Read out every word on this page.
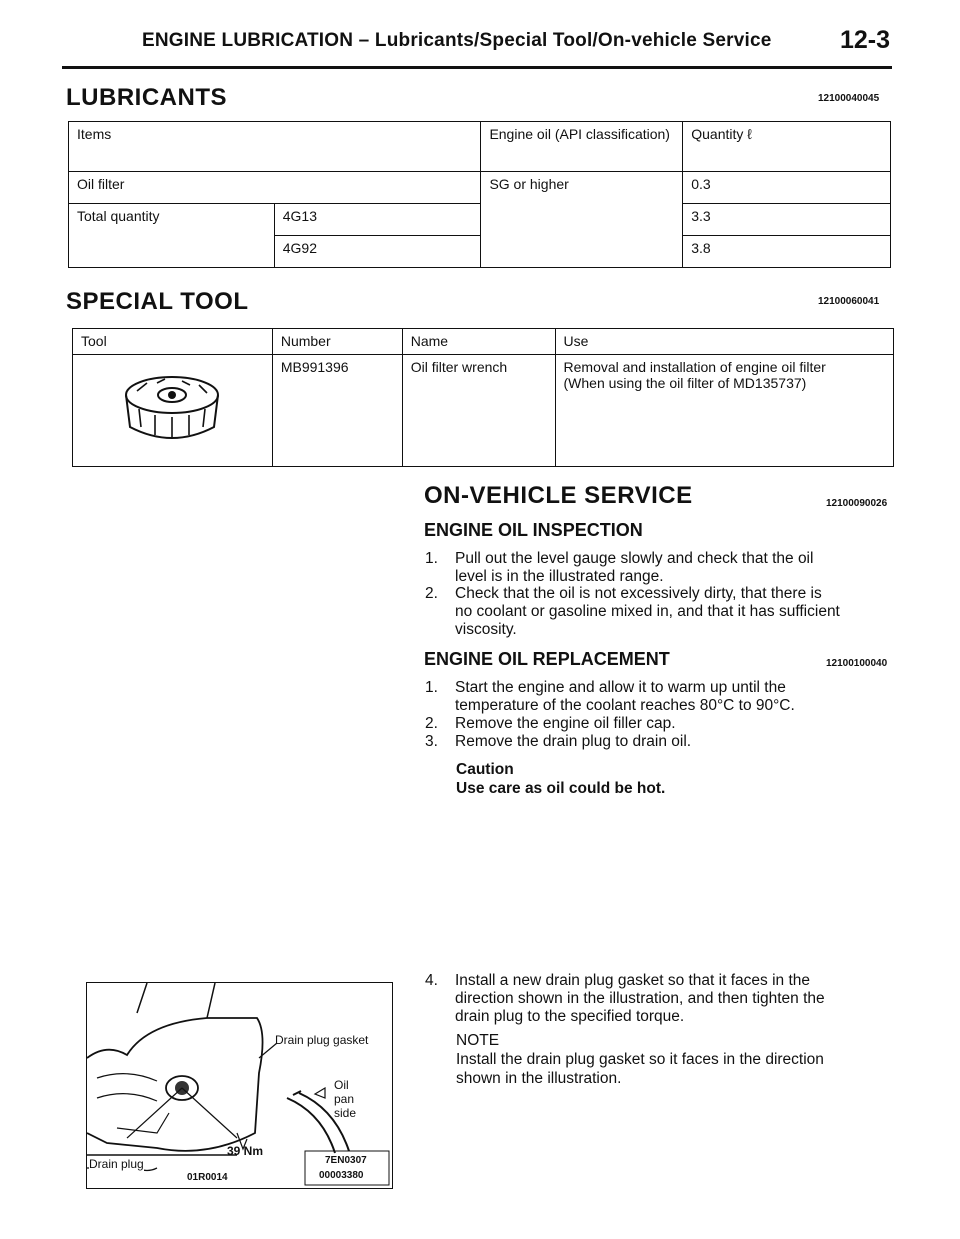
ENGINE LUBRICATION – Lubricants/Special Tool/On-vehicle Service	12-3
LUBRICANTS	12100040045
Items		Engine oil (API classification)	Quantity ℓ
Oil filter		SG or higher	0.3
Total quantity	4G13		3.3
	4G92		3.8
SPECIAL TOOL	12100060041
Tool	Number	Name	Use
	MB991396	Oil filter wrench	Removal and installation of engine oil filter
(When using the oil filter of MD135737)
ON-VEHICLE SERVICE	12100090026
ENGINE OIL INSPECTION
1. Pull out the level gauge slowly and check that the oil
level is in the illustrated range.
2. Check that the oil is not excessively dirty, that there is
no coolant or gasoline mixed in, and that it has sufficient
viscosity.
ENGINE OIL REPLACEMENT	12100100040
1. Start the engine and allow it to warm up until the
temperature of the coolant reaches 80°C to 90°C.
2. Remove the engine oil filler cap.
3. Remove the drain plug to drain oil.
Caution
Use care as oil could be hot.
4. Install a new drain plug gasket so that it faces in the
direction shown in the illustration, and then tighten the
drain plug to the specified torque.
NOTE
Install the drain plug gasket so it faces in the direction
shown in the illustration.
Drain plug gasket
Oil
pan
side
39 Nm
Drain plug	7EN0307
00003380
01R0014
